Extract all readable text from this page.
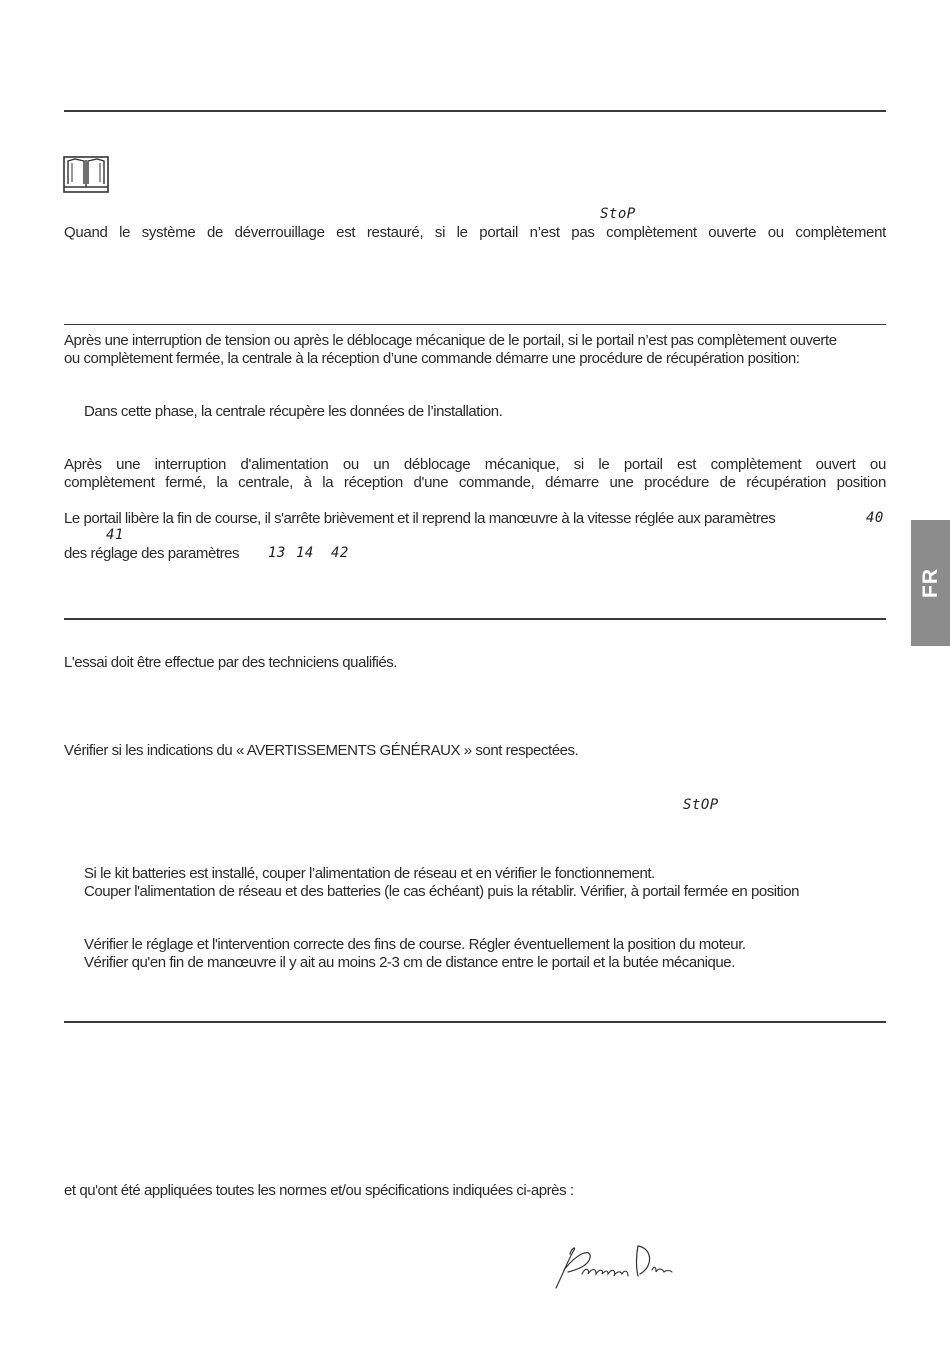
StoP
Quand le système de déverrouillage est restauré, si le portail n’est pas complètement ouverte ou complètement
Après une interruption de tension ou après le déblocage mécanique de le portail, si le portail n’est pas complètement ouverte
ou complètement fermée, la centrale à la réception d’une commande démarre une procédure de récupération position:
Dans cette phase, la centrale récupère les données de l’installation.
Après une interruption d'alimentation ou un déblocage mécanique, si le portail est complètement ouvert ou
complètement fermé, la centrale, à la réception d'une commande, démarre une procédure de récupération position
Le portail libère la fin de course, il s'arrête brièvement et il reprend la manœuvre à la vitesse réglée aux paramètres	40
41
des réglage des paramètres 13 14 42
FR
L'essai doit être effectue par des techniciens qualifiés.
Vérifier si les indications du « AVERTISSEMENTS GÉNÉRAUX » sont respectées.
StOP
Si le kit batteries est installé, couper l’alimentation de réseau et en vérifier le fonctionnement.
Couper l'alimentation de réseau et des batteries (le cas échéant) puis la rétablir. Vérifier, à portail fermée en position
Vérifier le réglage et l'intervention correcte des fins de course. Régler éventuellement la position du moteur.
Vérifier qu'en fin de manœuvre il y ait au moins 2-3 cm de distance entre le portail et la butée mécanique.
et qu'ont été appliquées toutes les normes et/ou spécifications indiquées ci-après :
